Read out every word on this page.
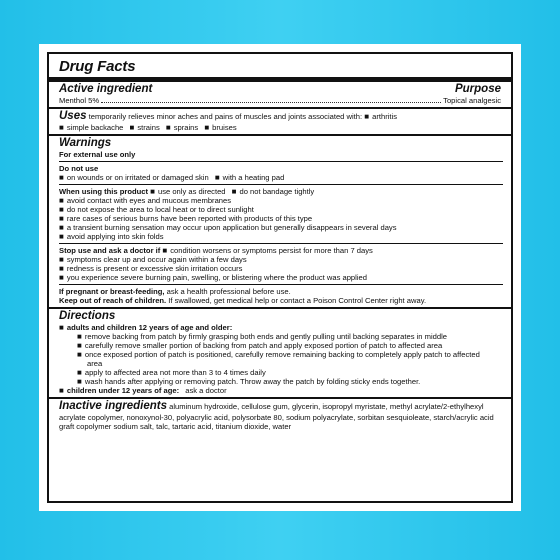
Drug Facts
Active ingredient	Purpose
Menthol 5%	Topical analgesic
Uses temporarily relieves minor aches and pains of muscles and joints associated with: ■ arthritis
■ simple backache ■ strains ■ sprains ■ bruises
Warnings
For external use only
Do not use
■ on wounds or on irritated or damaged skin ■ with a heating pad
When using this product ■ use only as directed ■ do not bandage tightly
■ avoid contact with eyes and mucous membranes
■ do not expose the area to local heat or to direct sunlight
■ rare cases of serious burns have been reported with products of this type
■ a transient burning sensation may occur upon application but generally disappears in several days
■ avoid applying into skin folds
Stop use and ask a doctor if ■ condition worsens or symptoms persist for more than 7 days
■ symptoms clear up and occur again within a few days
■ redness is present or excessive skin irritation occurs
■ you experience severe burning pain, swelling, or blistering where the product was applied
If pregnant or breast-feeding, ask a health professional before use.
Keep out of reach of children. If swallowed, get medical help or contact a Poison Control Center right away.
Directions
■ adults and children 12 years of age and older:
■ remove backing from patch by firmly grasping both ends and gently pulling until backing separates in middle
■ carefully remove smaller portion of backing from patch and apply exposed portion of patch to affected area
■ once exposed portion of patch is positioned, carefully remove remaining backing to completely apply patch to affected area
■ apply to affected area not more than 3 to 4 times daily
■ wash hands after applying or removing patch. Throw away the patch by folding sticky ends together.
■ children under 12 years of age: ask a doctor
Inactive ingredients aluminum hydroxide, cellulose gum, glycerin, isopropyl myristate, methyl acrylate/2-ethylhexyl acrylate copolymer, nonoxynol-30, polyacrylic acid, polysorbate 80, sodium polyacrylate, sorbitan sesquioleate, starch/acrylic acid graft copolymer sodium salt, talc, tartaric acid, titanium dioxide, water
